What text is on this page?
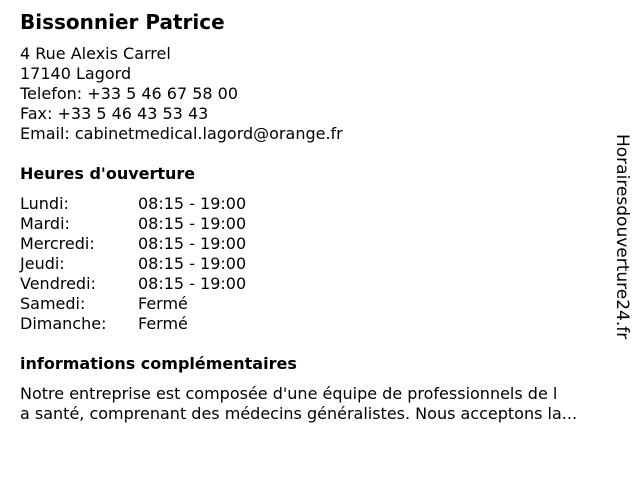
Bissonnier Patrice
4 Rue Alexis Carrel
17140 Lagord
Telefon: +33 5 46 67 58 00
Fax: +33 5 46 43 53 43
Email: cabinetmedical.lagord@orange.fr
Heures d'ouverture
Lundi:	08:15 - 19:00
Mardi:	08:15 - 19:00
Mercredi:	08:15 - 19:00
Jeudi:	08:15 - 19:00
Vendredi:	08:15 - 19:00
Samedi:	Fermé
Dimanche:	Fermé
informations complémentaires
Notre entreprise est composée d'une équipe de professionnels de l
a santé, comprenant des médecins généralistes. Nous acceptons la...
Horairesdouverture24.fr
